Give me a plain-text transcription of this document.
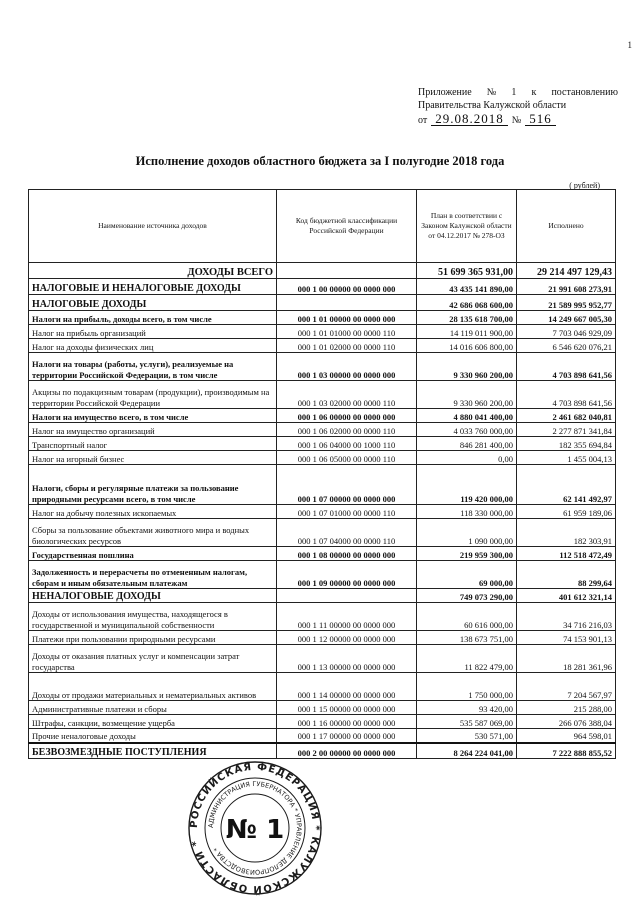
1
Приложение № 1 к постановлению
Правительства Калужской области
от 29.08.2018 № 516
Исполнение доходов областного бюджета за I полугодие 2018 года
( рублей)
Наименование источника доходов	Код бюджетной классификации Российской Федерации	План в соответствии с Законом Калужской области от 04.12.2017 № 278-ОЗ	Исполнено
ДОХОДЫ ВСЕГО		51 699 365 931,00	29 214 497 129,43
НАЛОГОВЫЕ И НЕНАЛОГОВЫЕ ДОХОДЫ	000 1 00 00000 00 0000 000	43 435 141 890,00	21 991 608 273,91
НАЛОГОВЫЕ ДОХОДЫ		42 686 068 600,00	21 589 995 952,77
Налоги на прибыль, доходы всего, в том числе	000 1 01 00000 00 0000 000	28 135 618 700,00	14 249 667 005,30
Налог на прибыль организаций	000 1 01 01000 00 0000 110	14 119 011 900,00	7 703 046 929,09
Налог на доходы физических лиц	000 1 01 02000 00 0000 110	14 016 606 800,00	6 546 620 076,21
Налоги на товары (работы, услуги), реализуемые на территории Российской Федерации, в том числе	000 1 03 00000 00 0000 000	9 330 960 200,00	4 703 898 641,56
Акцизы по подакцизным товарам (продукции), производимым на территории Российской Федерации	000 1 03 02000 00 0000 110	9 330 960 200,00	4 703 898 641,56
Налоги на имущество всего, в том числе	000 1 06 00000 00 0000 000	4 880 041 400,00	2 461 682 040,81
Налог на имущество организаций	000 1 06 02000 00 0000 110	4 033 760 000,00	2 277 871 341,84
Транспортный налог	000 1 06 04000 00 1000 110	846 281 400,00	182 355 694,84
Налог на игорный бизнес	000 1 06 05000 00 0000 110	0,00	1 455 004,13
Налоги, сборы и регулярные платежи за пользование природными ресурсами всего, в том числе	000 1 07 00000 00 0000 000	119 420 000,00	62 141 492,97
Налог на добычу полезных ископаемых	000 1 07 01000 00 0000 110	118 330 000,00	61 959 189,06
Сборы за пользование объектами животного мира и водных биологических ресурсов	000 1 07 04000 00 0000 110	1 090 000,00	182 303,91
Государственная пошлина	000 1 08 00000 00 0000 000	219 959 300,00	112 518 472,49
Задолженность и перерасчеты по отмененным налогам, сборам и иным обязательным платежам	000 1 09 00000 00 0000 000	69 000,00	88 299,64
НЕНАЛОГОВЫЕ ДОХОДЫ		749 073 290,00	401 612 321,14
Доходы от использования имущества, находящегося в государственной и муниципальной собственности	000 1 11 00000 00 0000 000	60 616 000,00	34 716 216,03
Платежи при пользовании природными ресурсами	000 1 12 00000 00 0000 000	138 673 751,00	74 153 901,13
Доходы от оказания платных услуг и компенсации затрат государства	000 1 13 00000 00 0000 000	11 822 479,00	18 281 361,96
Доходы от продажи материальных и нематериальных активов	000 1 14 00000 00 0000 000	1 750 000,00	7 204 567,97
Административные платежи и сборы	000 1 15 00000 00 0000 000	93 420,00	215 288,00
Штрафы, санкции, возмещение ущерба	000 1 16 00000 00 0000 000	535 587 069,00	266 076 388,04
Прочие неналоговые доходы	000 1 17 00000 00 0000 000	530 571,00	964 598,01
БЕЗВОЗМЕЗДНЫЕ ПОСТУПЛЕНИЯ	000 2 00 00000 00 0000 000	8 264 224 041,00	7 222 888 855,52
РОССИЙСКАЯ ФЕДЕРАЦИЯ * КАЛУЖСКОЙ ОБЛАСТИ *
АДМИНИСТРАЦИЯ ГУБЕРНАТОРА * УПРАВЛЕНИЕ ДЕЛОПРОИЗВОДСТВА *
№ 1
